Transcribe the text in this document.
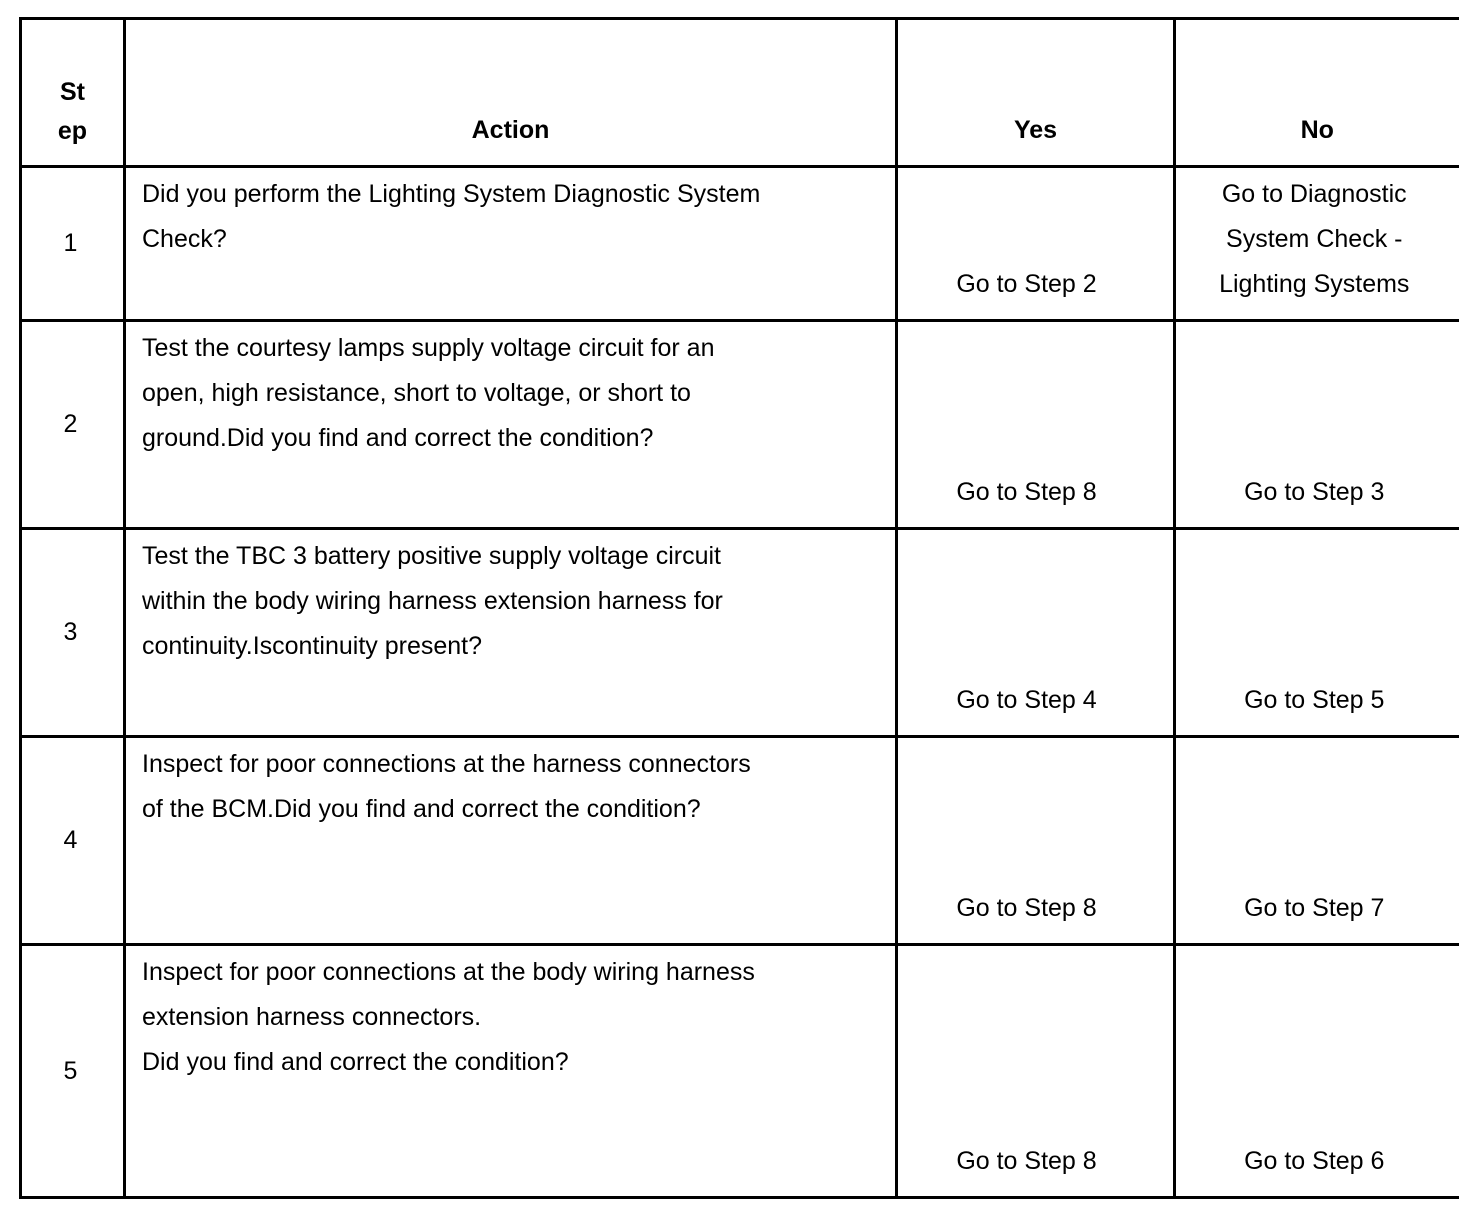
St
ep	Action	Yes	No
1	Did you perform the Lighting System Diagnostic System
Check?	Go to Step 2	Go to Diagnostic
System Check -
Lighting Systems

2	Test the courtesy lamps supply voltage circuit for an
open, high resistance, short to voltage, or short to
ground.Did you find and correct the condition?	Go to Step 8	Go to Step 3
3	Test the TBC 3 battery positive supply voltage circuit
within the body wiring harness extension harness for
continuity.Iscontinuity present?	Go to Step 4	Go to Step 5
4	Inspect for poor connections at the harness connectors
of the BCM.Did you find and correct the condition?	Go to Step 8	Go to Step 7
5	Inspect for poor connections at the body wiring harness
extension harness connectors.
Did you find and correct the condition?	Go to Step 8	Go to Step 6
